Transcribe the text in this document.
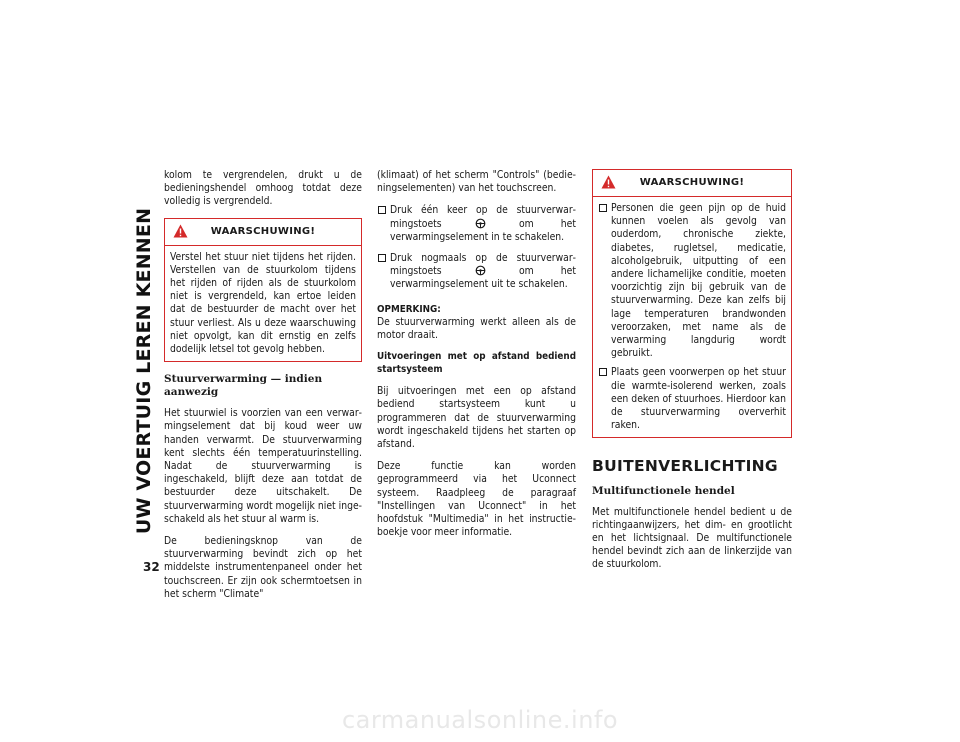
UW VOERTUIG LEREN KENNEN
32

kolom te vergrendelen, drukt u de bedieningshendel omhoog totdat deze volledig is vergrendeld.

WAARSCHUWING!
Verstel het stuur niet tijdens het rijden. Verstellen van de stuurkolom tijdens het rijden of rijden als de stuurkolom niet is vergrendeld, kan ertoe leiden dat de bestuurder de macht over het stuur verliest. Als u deze waarschuwing niet opvolgt, kan dit ernstig en zelfs dodelijk letsel tot gevolg hebben.
Stuurverwarming — indien aanwezig

Het stuurwiel is voorzien van een verwarmingselement dat bij koud weer uw handen verwarmt. De stuurverwarming kent slechts één temperatuurinstelling. Nadat de stuurverwarming is ingeschakeld, blijft deze aan totdat de bestuurder deze uitschakelt. De stuurverwarming wordt mogelijk niet ingeschakeld als het stuur al warm is.

De bedieningsknop van de stuurverwarming bevindt zich op het middelste instrumentenpaneel onder het touchscreen. Er zijn ook schermtoetsen in het scherm "Climate"

(klimaat) of het scherm "Controls" (bedieningselementen) van het touchscreen.

Druk één keer op de stuurverwarmingstoets	om het verwarmingselement in te schakelen.
Druk nogmaals op de stuurverwarmingstoets	om het verwarmingselement uit te schakelen.
OPMERKING:

De stuurverwarming werkt alleen als de motor draait.

Uitvoeringen met op afstand bediend startsysteem

Bij uitvoeringen met een op afstand bediend startsysteem kunt u programmeren dat de stuurverwarming wordt ingeschakeld tijdens het starten op afstand.

Deze functie kan worden geprogrammeerd via het Uconnect systeem. Raadpleeg de paragraaf "Instellingen van Uconnect" in het hoofdstuk "Multimedia" in het instructieboekje voor meer informatie.

WAARSCHUWING!
Personen die geen pijn op de huid kunnen voelen als gevolg van ouderdom, chronische ziekte, diabetes, rugletsel, medicatie, alcoholgebruik, uitputting of een andere lichamelijke conditie, moeten voorzichtig zijn bij gebruik van de stuurverwarming. Deze kan zelfs bij lage temperaturen brandwonden veroorzaken, met name als de verwarming langdurig wordt gebruikt.
Plaats geen voorwerpen op het stuur die warmte-isolerend werken, zoals een deken of stuurhoes. Hierdoor kan de stuurverwarming oververhit raken.
BUITENVERLICHTING
Multifunctionele hendel

Met multifunctionele hendel bedient u de richtingaanwijzers, het dim- en grootlicht en het lichtsignaal. De multifunctionele hendel bevindt zich aan de linkerzijde van de stuurkolom.

carmanualsonline.info
